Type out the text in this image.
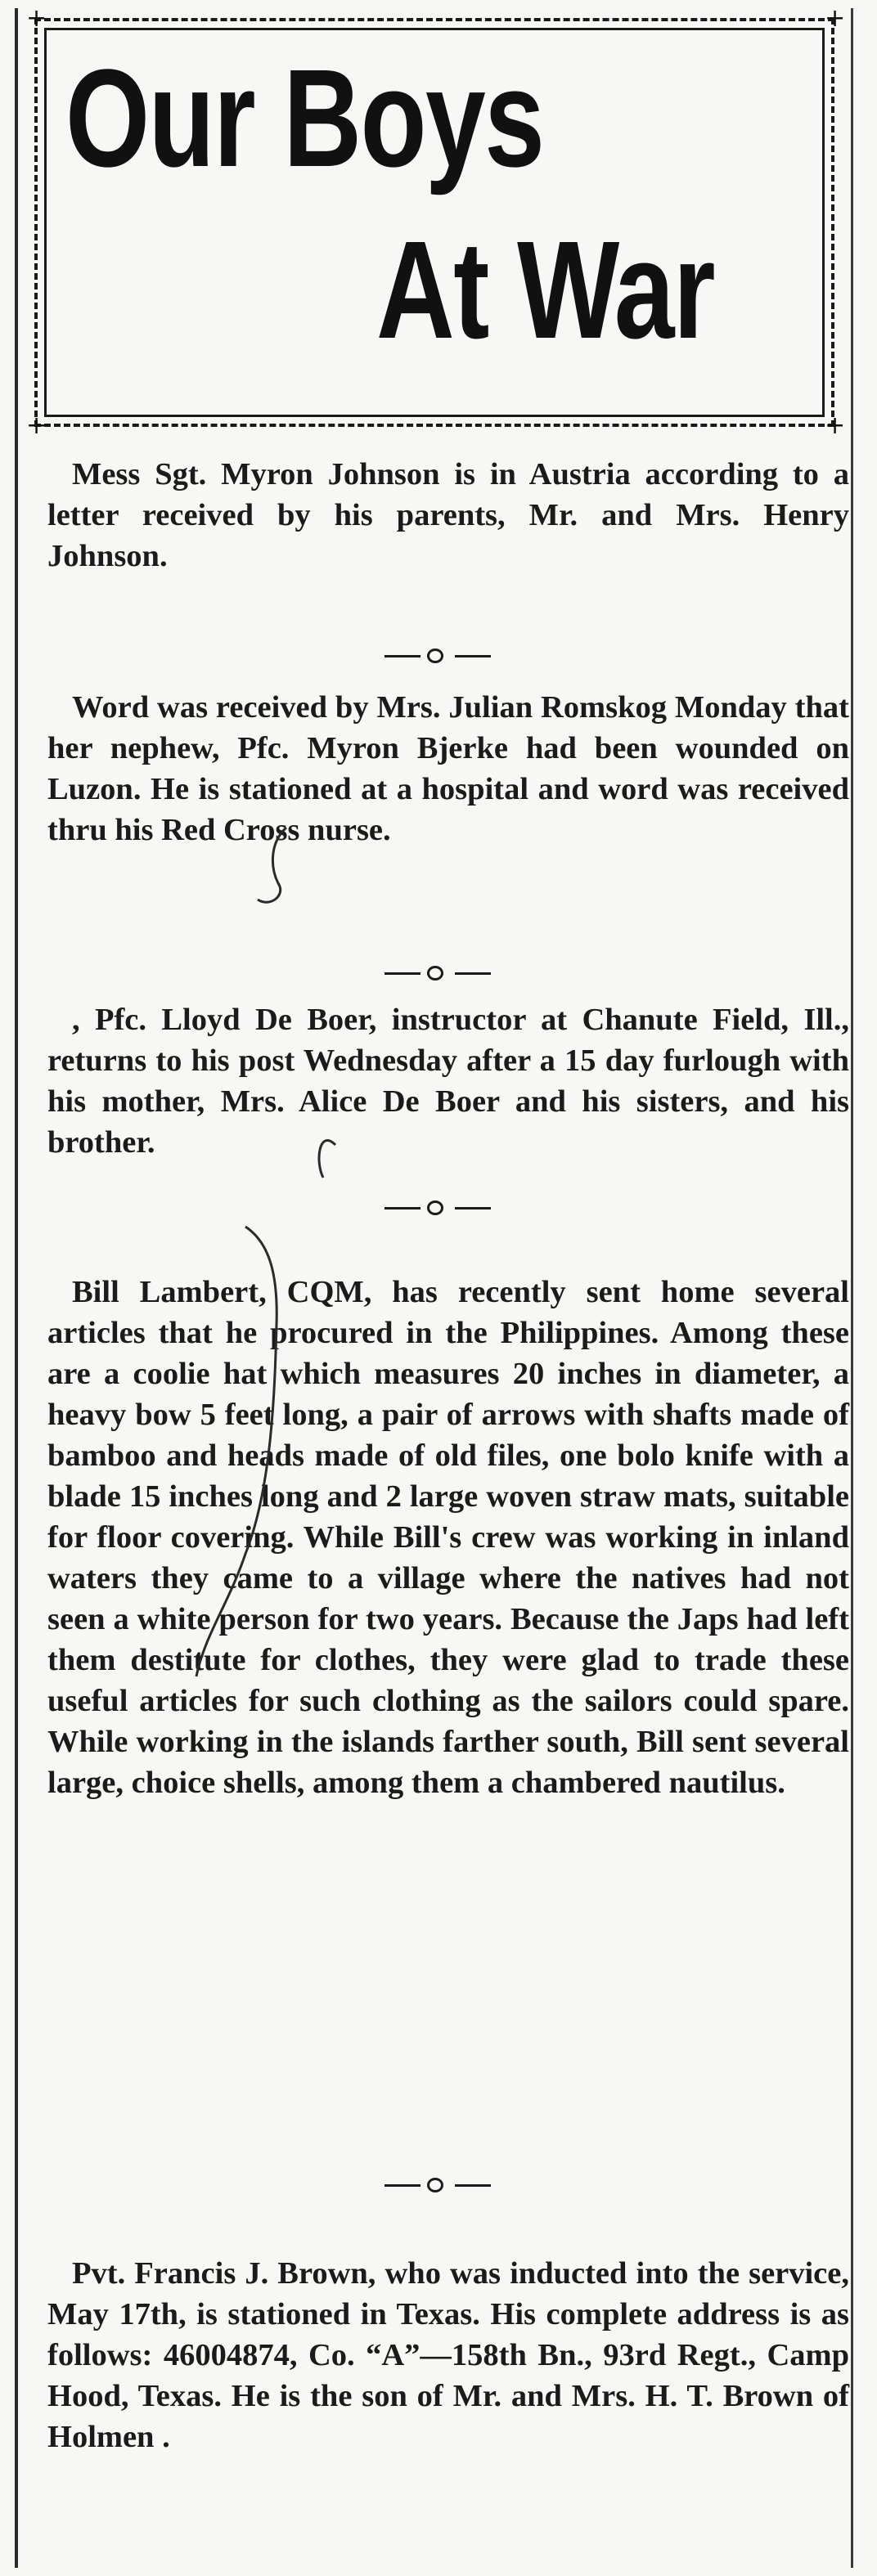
+	+
+	+
Our Boys
At War

Mess Sgt. Myron Johnson is in Austria according to a letter received by his parents, Mr. and Mrs. Henry Johnson.

Word was received by Mrs. Julian Romskog Monday that her nephew, Pfc. Myron Bjerke had been wounded on Luzon. He is stationed at a hospital and word was received thru his Red Cross nurse.

, Pfc. Lloyd De Boer, instructor at Chanute Field, Ill., returns to his post Wednesday after a 15 day furlough with his mother, Mrs. Alice De Boer and his sisters, and his brother.

Bill Lambert, CQM, has recently sent home several articles that he procured in the Philippines. Among these are a coolie hat which measures 20 inches in diameter, a heavy bow 5 feet long, a pair of arrows with shafts made of bamboo and heads made of old files, one bolo knife with a blade 15 inches long and 2 large woven straw mats, suitable for floor covering. While Bill's crew was working in inland waters they came to a village where the natives had not seen a white person for two years. Because the Japs had left them destitute for clothes, they were glad to trade these useful articles for such clothing as the sailors could spare. While working in the islands farther south, Bill sent several large, choice shells, among them a chambered nautilus.

Pvt. Francis J. Brown, who was inducted into the service, May 17th, is stationed in Texas. His complete address is as follows: 46004874, Co. “A”—158th Bn., 93rd Regt., Camp Hood, Texas. He is the son of Mr. and Mrs. H. T. Brown of Holmen .
